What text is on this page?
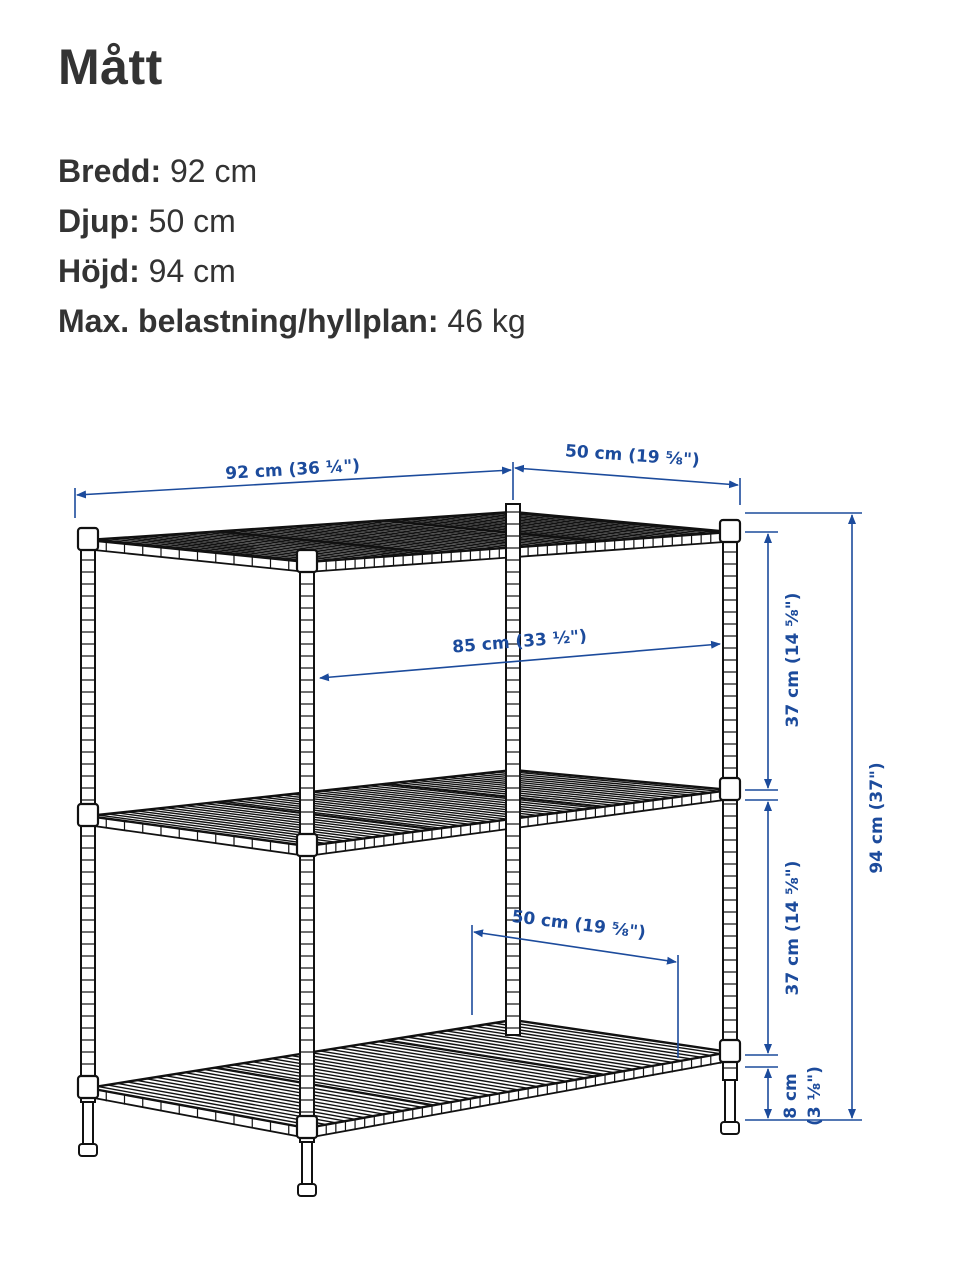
Mått
Bredd: 92 cm
Djup: 50 cm
Höjd: 94 cm
Max. belastning/hyllplan: 46 kg
92 cm (36 ¼")	50 cm (19 ⅝")
85 cm (33 ½")
50 cm (19 ⅝")
37 cm (14 ⅝")
37 cm (14 ⅝")
94 cm (37")
8 cm (3 ⅛")
